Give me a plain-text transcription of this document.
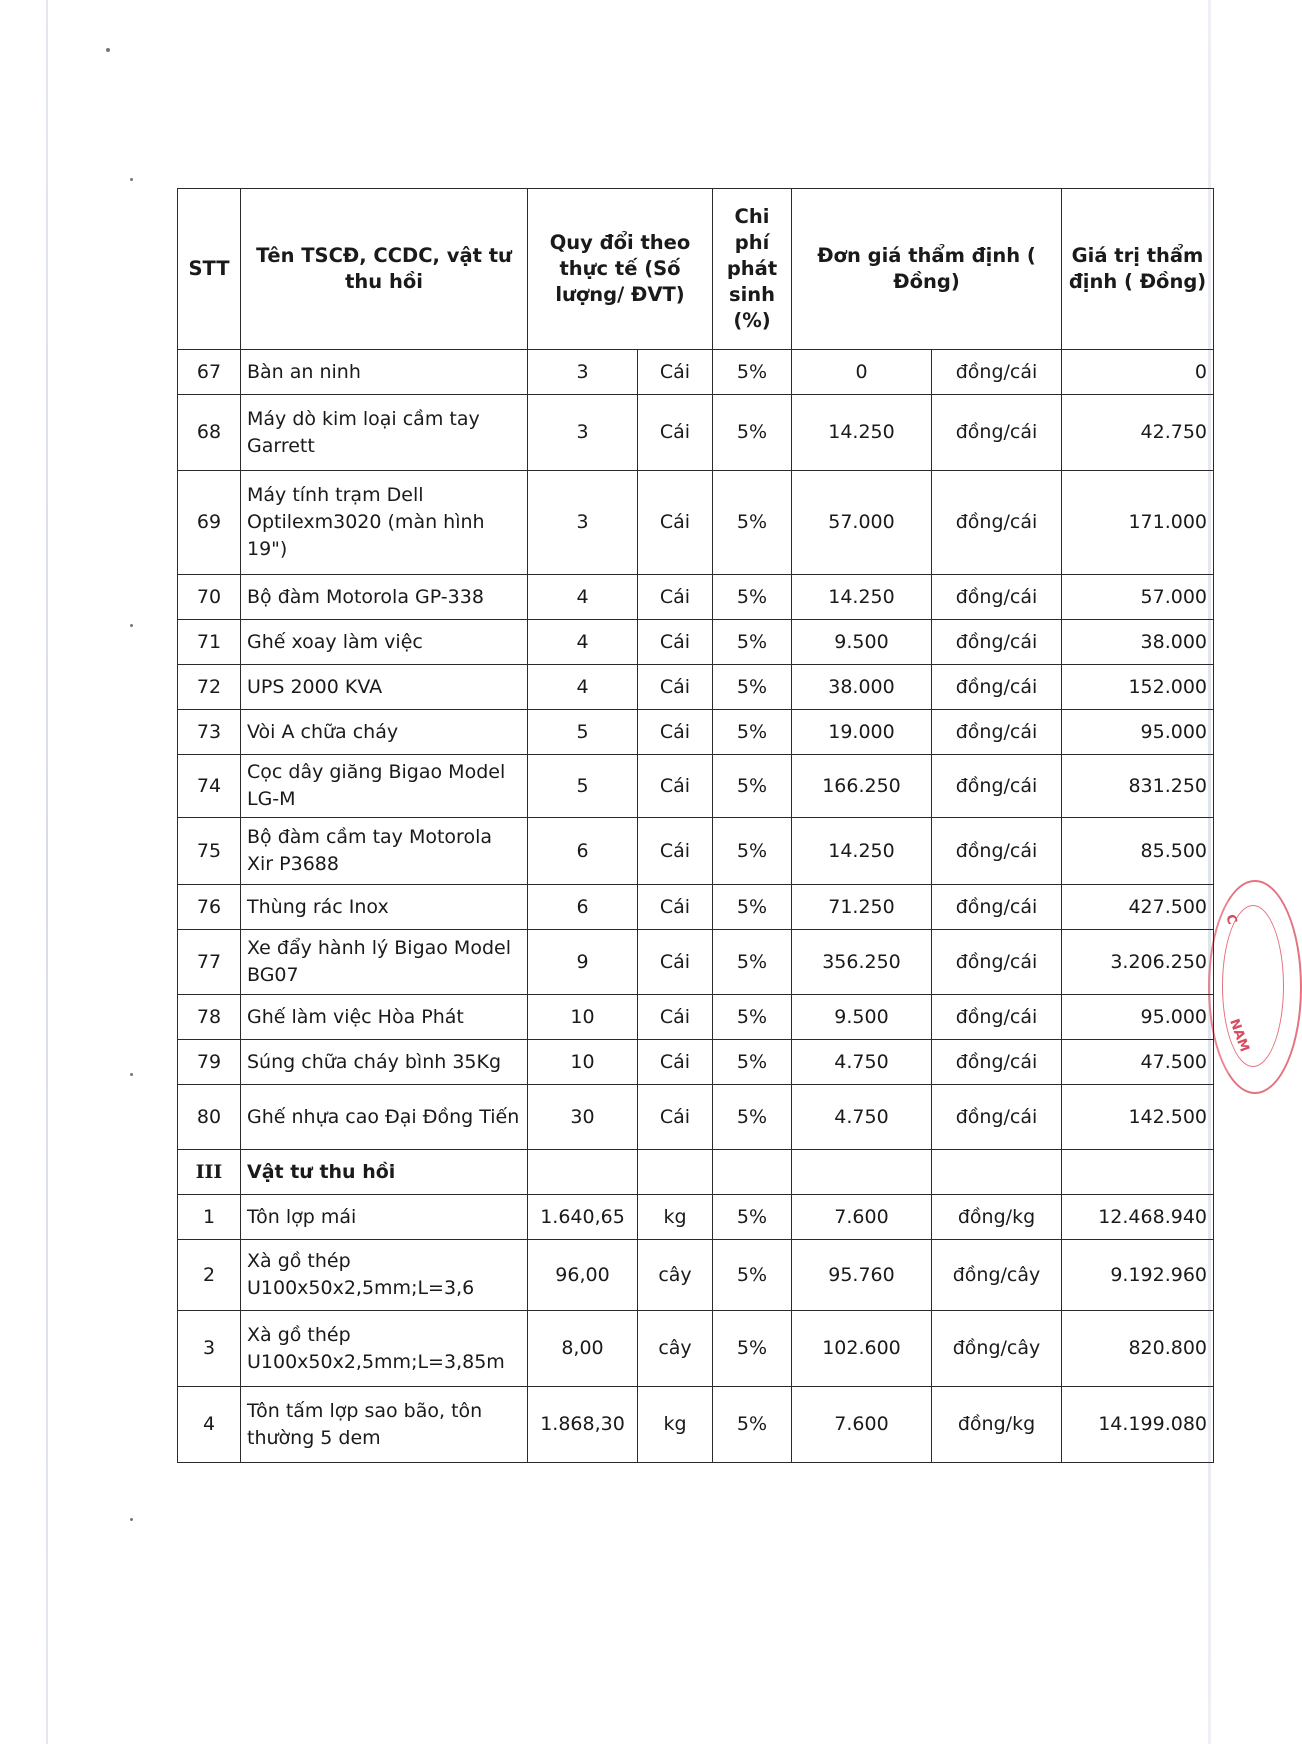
C
NAM
STT	Tên TSCĐ, CCDC, vật tư thu hồi	Quy đổi theo thực tế (Số lượng/ ĐVT)		Chi phí phát sinh (%)	Đơn giá thẩm định ( Đồng)		Giá trị thẩm định ( Đồng)
67	Bàn an ninh	3	Cái	5%	0	đồng/cái	0
68	Máy dò kim loại cầm tay Garrett	3	Cái	5%	14.250	đồng/cái	42.750
69	Máy tính trạm Dell Optilexm3020 (màn hình 19")	3	Cái	5%	57.000	đồng/cái	171.000
70	Bộ đàm Motorola GP-338	4	Cái	5%	14.250	đồng/cái	57.000
71	Ghế xoay làm việc	4	Cái	5%	9.500	đồng/cái	38.000
72	UPS 2000 KVA	4	Cái	5%	38.000	đồng/cái	152.000
73	Vòi A chữa cháy	5	Cái	5%	19.000	đồng/cái	95.000
74	Cọc dây giăng Bigao Model LG-M	5	Cái	5%	166.250	đồng/cái	831.250
75	Bộ đàm cầm tay Motorola Xir P3688	6	Cái	5%	14.250	đồng/cái	85.500
76	Thùng rác Inox	6	Cái	5%	71.250	đồng/cái	427.500
77	Xe đẩy hành lý Bigao Model BG07	9	Cái	5%	356.250	đồng/cái	3.206.250
78	Ghế làm việc Hòa Phát	10	Cái	5%	9.500	đồng/cái	95.000
79	Súng chữa cháy bình 35Kg	10	Cái	5%	4.750	đồng/cái	47.500
80	Ghế nhựa cao Đại Đồng Tiến	30	Cái	5%	4.750	đồng/cái	142.500
III	Vật tư thu hồi						
1	Tôn lợp mái	1.640,65	kg	5%	7.600	đồng/kg	12.468.940
2	Xà gồ thép U100x50x2,5mm;L=3,6	96,00	cây	5%	95.760	đồng/cây	9.192.960
3	Xà gồ thép U100x50x2,5mm;L=3,85m	8,00	cây	5%	102.600	đồng/cây	820.800
4	Tôn tấm lợp sao bão, tôn thường 5 dem	1.868,30	kg	5%	7.600	đồng/kg	14.199.080
